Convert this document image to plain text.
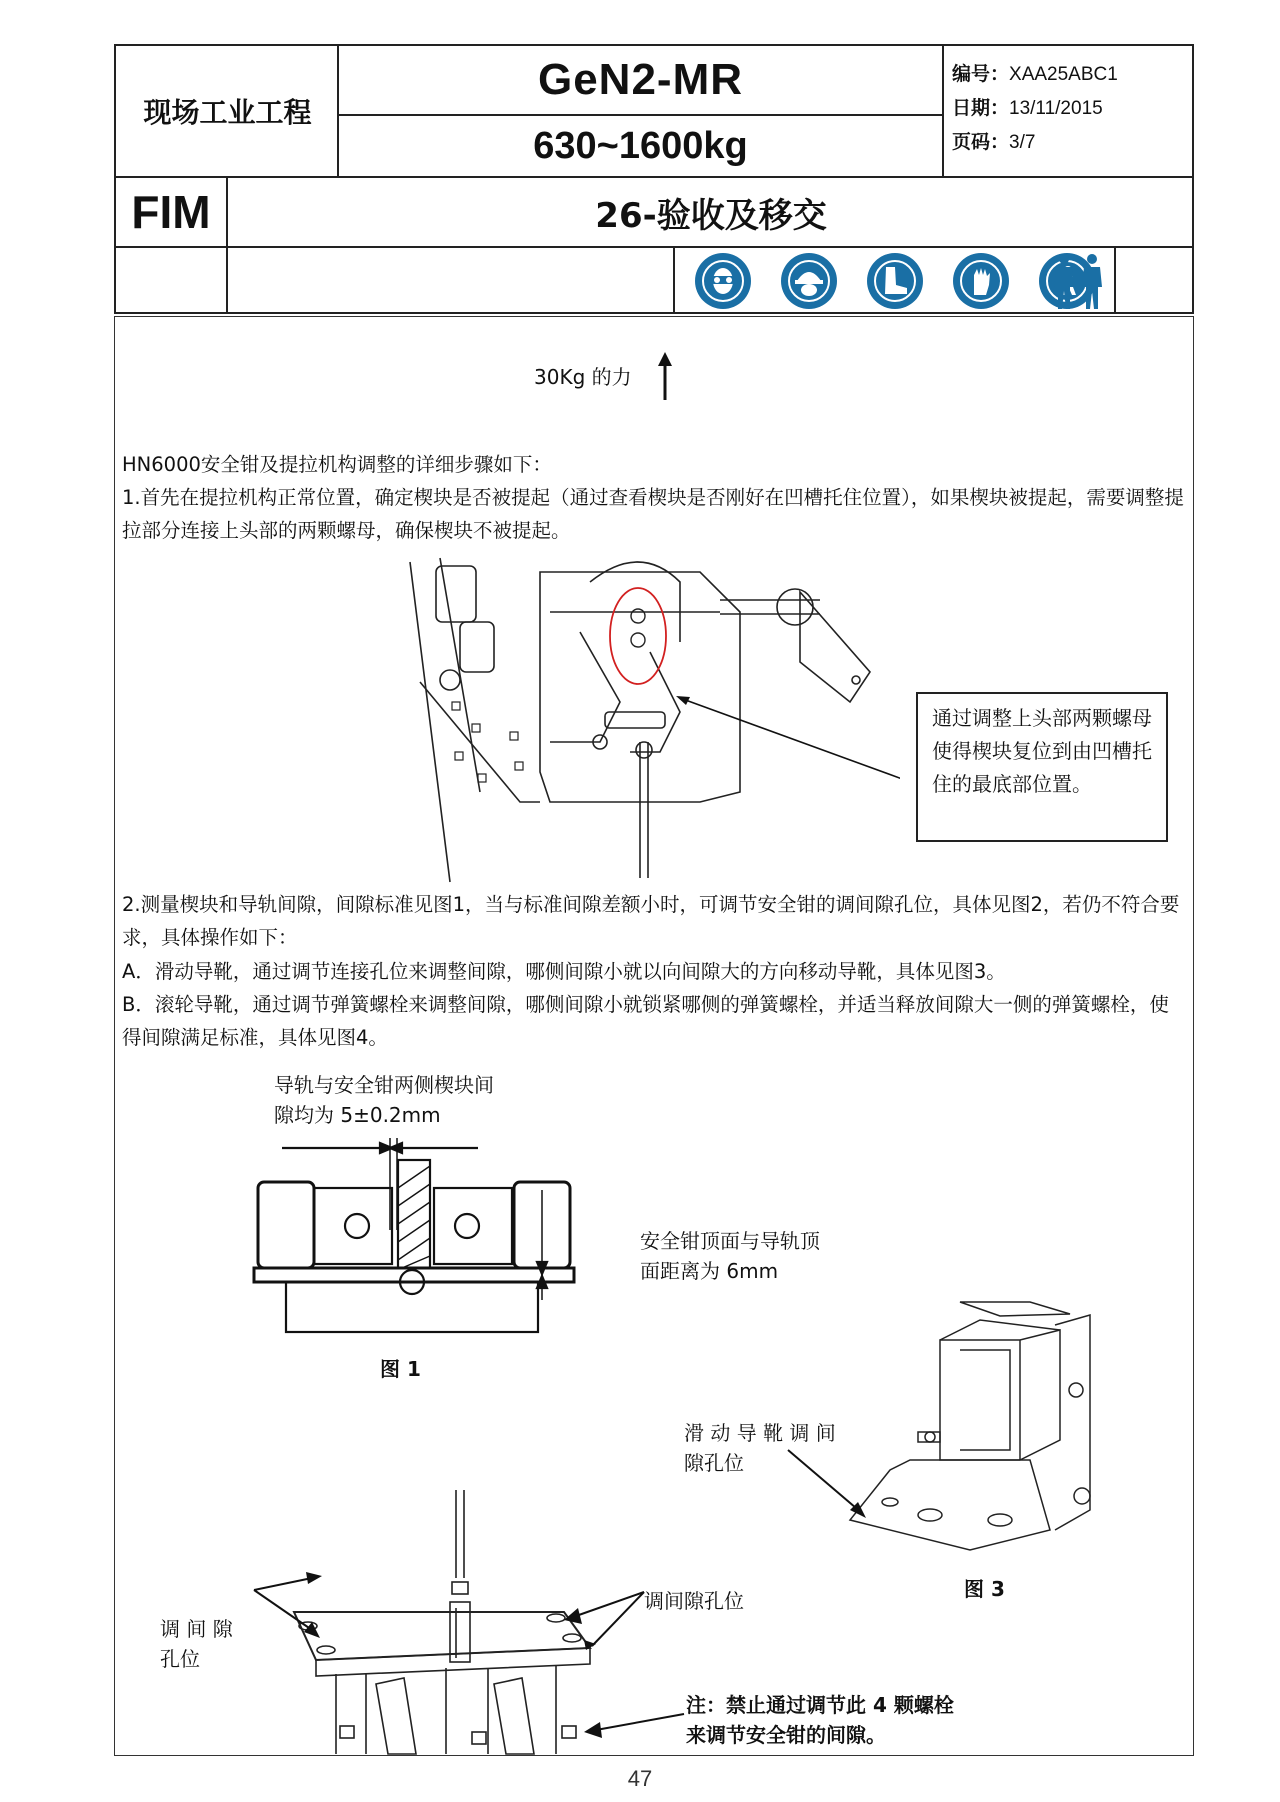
现场工业工程
GeN2-MR
630~1600kg
编号：XAA25ABC1
日期：13/11/2015
页码：3/7
FIM	26-验收及移交
30Kg 的力
HN6000安全钳及提拉机构调整的详细步骤如下：
1.首先在提拉机构正常位置，确定楔块是否被提起（通过查看楔块是否刚好在凹槽托住位置），如果楔块被提起，需要调整提拉部分连接上头部的两颗螺母，确保楔块不被提起。
通过调整上头部两颗螺母使得楔块复位到由凹槽托住的最底部位置。
2.测量楔块和导轨间隙，间隙标准见图1，当与标准间隙差额小时，可调节安全钳的调间隙孔位，具体见图2，若仍不符合要求，具体操作如下：
A．滑动导靴，通过调节连接孔位来调整间隙，哪侧间隙小就以向间隙大的方向移动导靴，具体见图3。
B．滚轮导靴，通过调节弹簧螺栓来调整间隙，哪侧间隙小就锁紧哪侧的弹簧螺栓，并适当释放间隙大一侧的弹簧螺栓，使得间隙满足标准，具体见图4。
导轨与安全钳两侧楔块间
隙均为 5±0.2mm
安全钳顶面与导轨顶
面距离为 6mm
图 1
滑 动 导 靴 调 间
隙孔位
图 3
调 间 隙
孔位
调间隙孔位
注：禁止通过调节此 4 颗螺栓
来调节安全钳的间隙。
47
